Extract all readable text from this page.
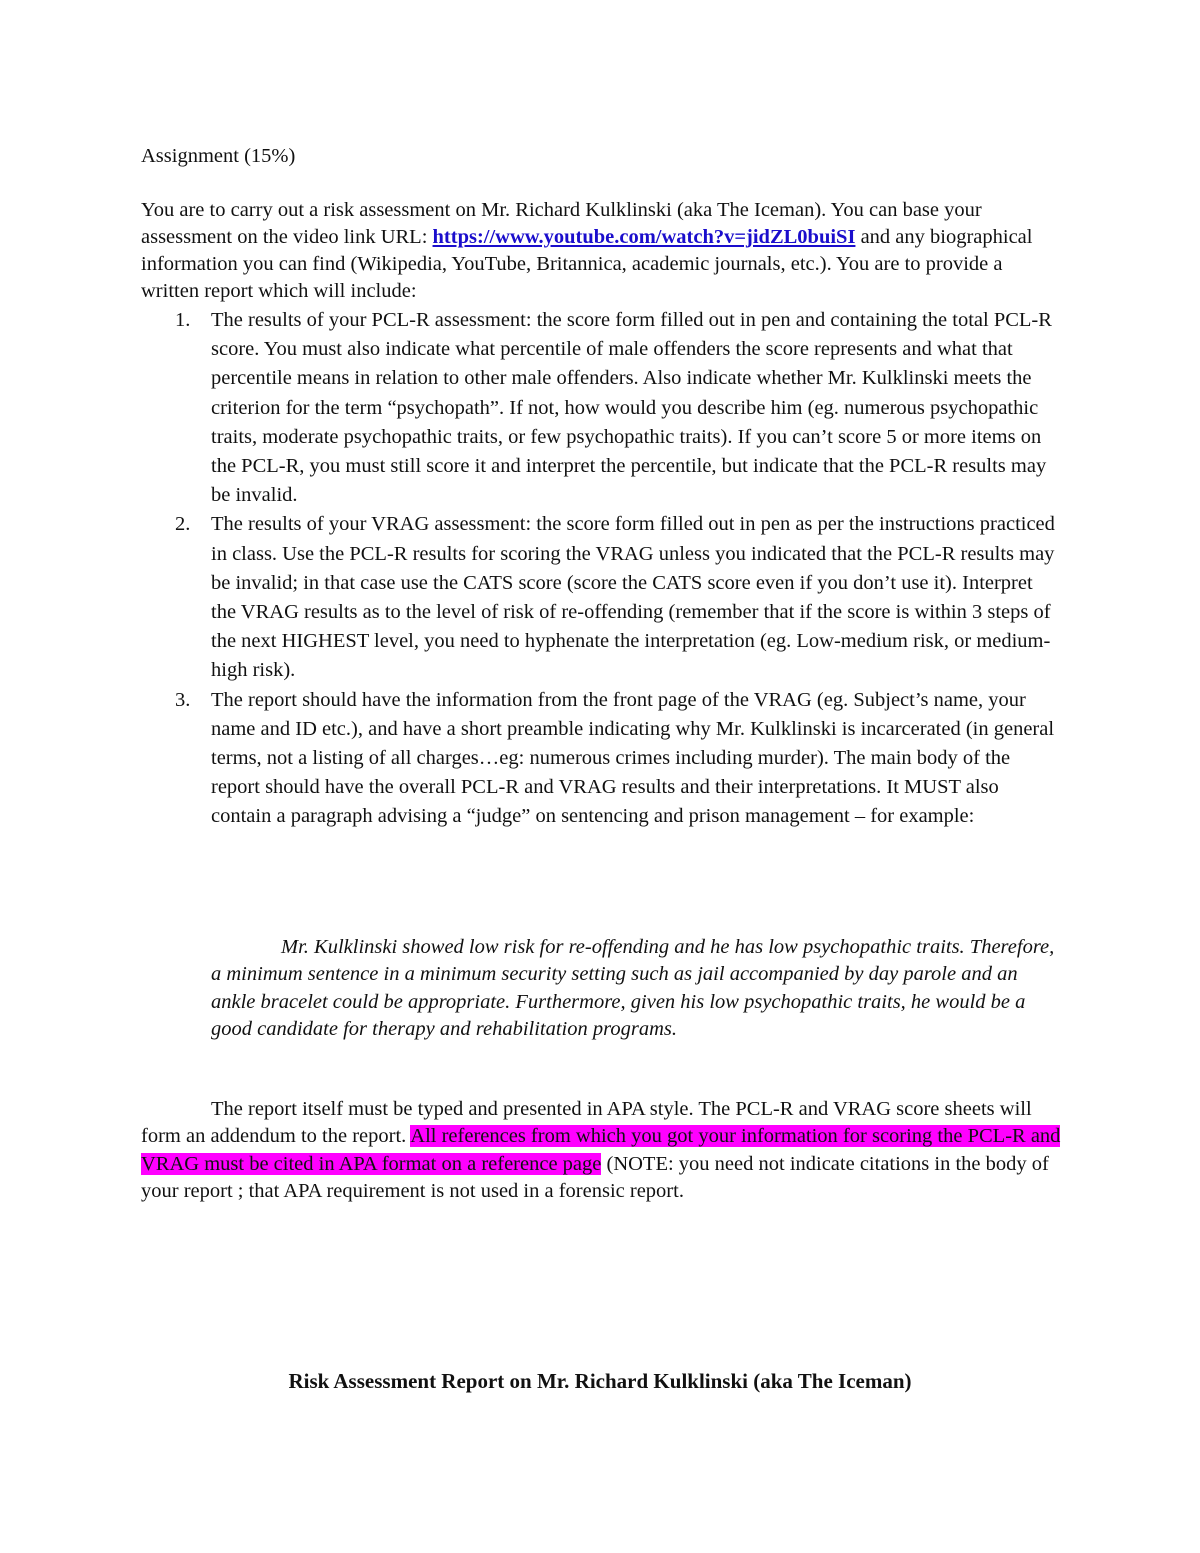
Assignment (15%)

You are to carry out a risk assessment on Mr. Richard Kulklinski (aka The Iceman). You can base your assessment on the video link URL: https://www.youtube.com/watch?v=jidZL0buiSI and any biographical information you can find (Wikipedia, YouTube, Britannica, academic journals, etc.). You are to provide a written report which will include:

1. The results of your PCL-R assessment: the score form filled out in pen and containing the total PCL-R score. You must also indicate what percentile of male offenders the score represents and what that percentile means in relation to other male offenders. Also indicate whether Mr. Kulklinski meets the criterion for the term “psychopath”. If not, how would you describe him (eg. numerous psychopathic traits, moderate psychopathic traits, or few psychopathic traits). If you can’t score 5 or more items on the PCL-R, you must still score it and interpret the percentile, but indicate that the PCL-R results may be invalid.
2. The results of your VRAG assessment: the score form filled out in pen as per the instructions practiced in class. Use the PCL-R results for scoring the VRAG unless you indicated that the PCL-R results may be invalid; in that case use the CATS score (score the CATS score even if you don’t use it). Interpret the VRAG results as to the level of risk of re-offending (remember that if the score is within 3 steps of the next HIGHEST level, you need to hyphenate the interpretation (eg. Low-medium risk, or medium-high risk).
3. The report should have the information from the front page of the VRAG (eg. Subject’s name, your name and ID etc.), and have a short preamble indicating why Mr. Kulklinski is incarcerated (in general terms, not a listing of all charges…eg: numerous crimes including murder). The main body of the report should have the overall PCL-R and VRAG results and their interpretations. It MUST also contain a paragraph advising a “judge” on sentencing and prison management – for example:

Mr. Kulklinski showed low risk for re-offending and he has low psychopathic traits. Therefore, a minimum sentence in a minimum security setting such as jail accompanied by day parole and an ankle bracelet could be appropriate. Furthermore, given his low psychopathic traits, he would be a good candidate for therapy and rehabilitation programs.

The report itself must be typed and presented in APA style. The PCL-R and VRAG score sheets will form an addendum to the report. All references from which you got your information for scoring the PCL-R and VRAG must be cited in APA format on a reference page (NOTE: you need not indicate citations in the body of your report ; that APA requirement is not used in a forensic report.

Risk Assessment Report on Mr. Richard Kulklinski (aka The Iceman)
